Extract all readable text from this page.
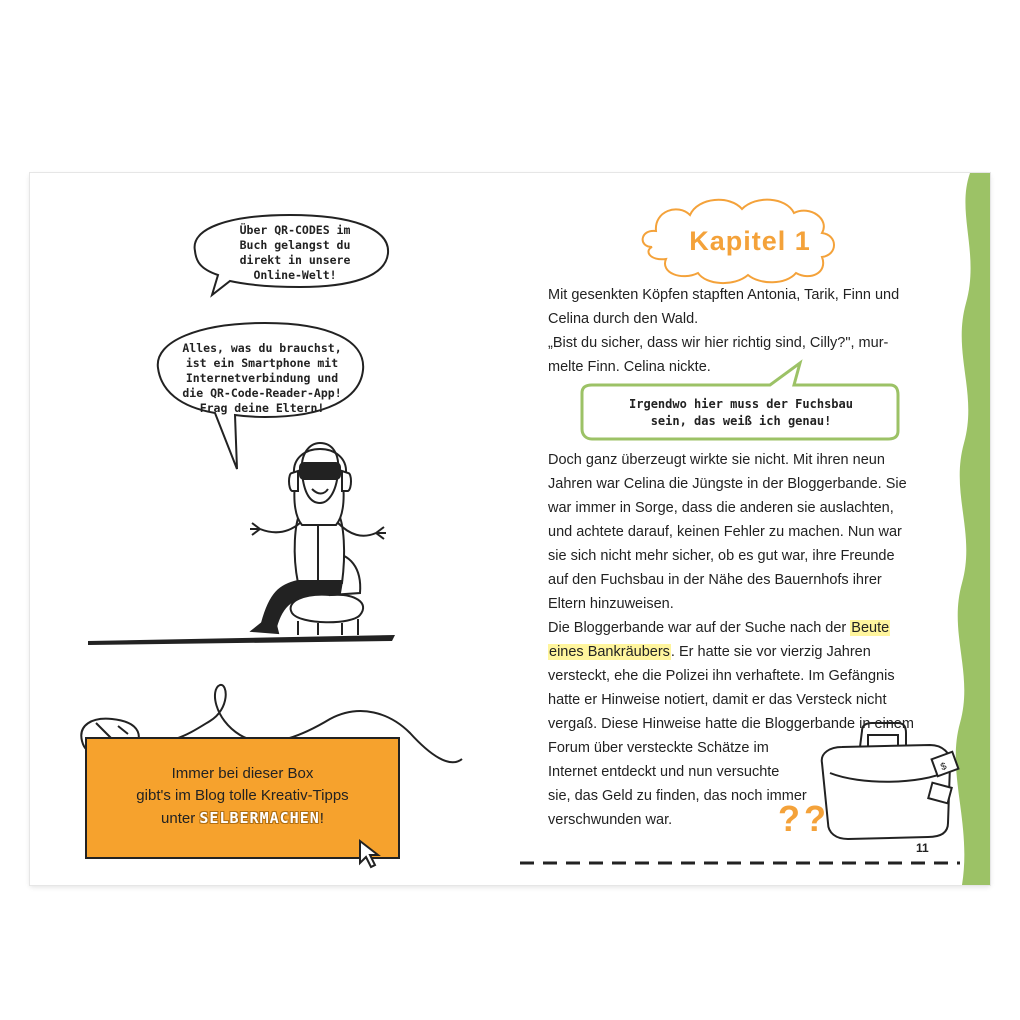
$
Über QR-CODES im
Buch gelangst du
direkt in unsere
Online-Welt!
Alles, was du brauchst,
ist ein Smartphone mit
Internetverbindung und
die QR-Code-Reader-App!
Frag deine Eltern!
Immer bei dieser Box
gibt's im Blog tolle Kreativ-Tipps
unter SELBERMACHEN!
Kapitel 1

Mit gesenkten Köpfen stapften Antonia, Tarik, Finn und

Celina durch den Wald.

„Bist du sicher, dass wir hier richtig sind, Cilly?", mur-

melte Finn. Celina nickte.

Irgendwo hier muss der Fuchsbau
sein, das weiß ich genau!

Doch ganz überzeugt wirkte sie nicht. Mit ihren neun

Jahren war Celina die Jüngste in der Bloggerbande. Sie

war immer in Sorge, dass die anderen sie auslachten,

und achtete darauf, keinen Fehler zu machen. Nun war

sie sich nicht mehr sicher, ob es gut war, ihre Freunde

auf den Fuchsbau in der Nähe des Bauernhofs ihrer

Eltern hinzuweisen.

Die Bloggerbande war auf der Suche nach der Beute

eines Bankräubers. Er hatte sie vor vierzig Jahren

versteckt, ehe die Polizei ihn verhaftete. Im Gefängnis

hatte er Hinweise notiert, damit er das Versteck nicht

vergaß. Diese Hinweise hatte die Bloggerbande in einem

Forum über versteckte Schätze im

Internet entdeckt und nun versuchte

sie, das Geld zu finden, das noch immer

verschwunden war.	??
11
